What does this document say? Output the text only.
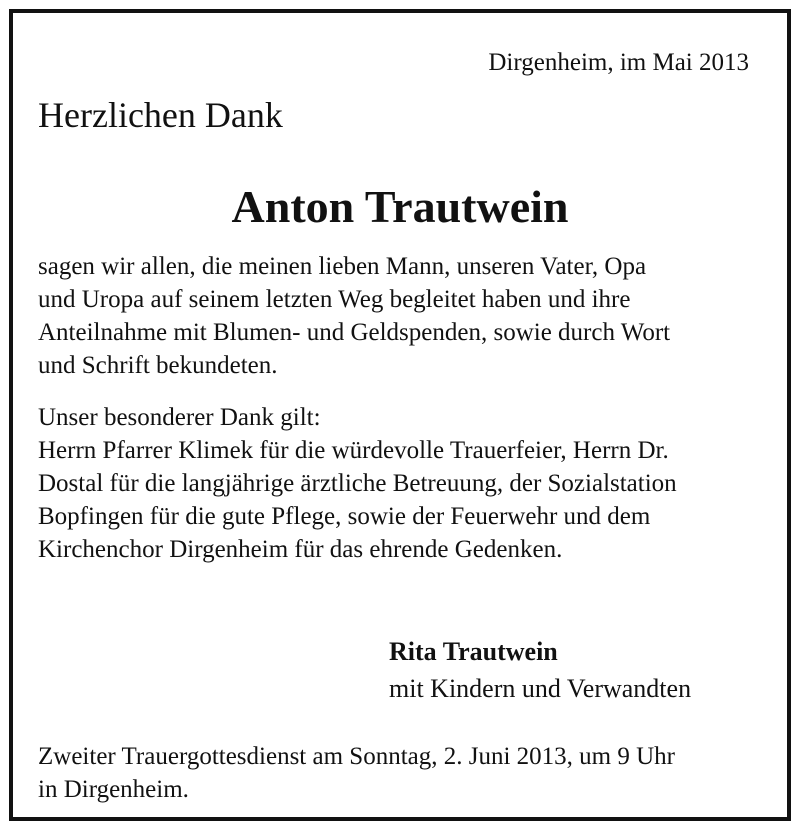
Dirgenheim, im Mai 2013
Herzlichen Dank
Anton Trautwein
sagen wir allen, die meinen lieben Mann, unseren Vater, Opa
und Uropa auf seinem letzten Weg begleitet haben und ihre
Anteilnahme mit Blumen- und Geldspenden, sowie durch Wort
und Schrift bekundeten.
Unser besonderer Dank gilt:
Herrn Pfarrer Klimek für die würdevolle Trauerfeier, Herrn Dr.
Dostal für die langjährige ärztliche Betreuung, der Sozialstation
Bopfingen für die gute Pflege, sowie der Feuerwehr und dem
Kirchenchor Dirgenheim für das ehrende Gedenken.
Rita Trautwein
mit Kindern und Verwandten
Zweiter Trauergottesdienst am Sonntag, 2. Juni 2013, um 9 Uhr
in Dirgenheim.
